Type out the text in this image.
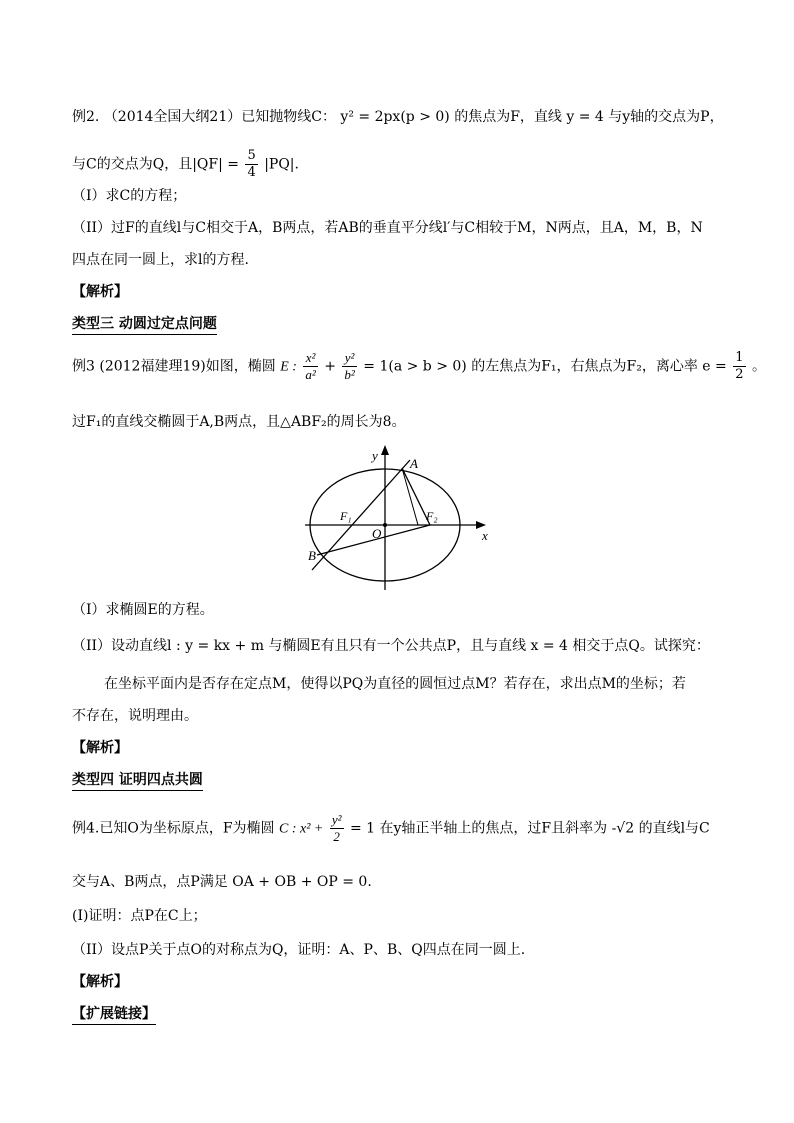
例2. （2014全国大纲21）已知抛物线C： y² = 2px(p > 0) 的焦点为F，直线 y = 4 与y轴的交点为P，
与C的交点为Q，且$|QF| = \frac{5}{4} |PQ|$.
（I）求C的方程；
（II）过F的直线l与C相交于A，B两点，若AB的垂直平分线l′与C相较于M，N两点，且A，M，B，N
四点在同一圆上，求l的方程.
【解析】
类型三 动圆过定点问题
例3 (2012福建理19)如图，椭圆 E : $\frac{\text{x²}}{\text{a²}} + \frac{\text{y²}}{\text{b²}} = 1(a > b > 0)$ 的左焦点为F₁，右焦点为F₂，离心率 $e = \frac{1}{2}$ 。
过F₁的直线交椭圆于A,B两点，且△ABF₂的周长为8。
y
x
A
B
O
F₁	F₂
（I）求椭圆E的方程。
（II）设动直线l : y = kx + m 与椭圆E有且只有一个公共点P，且与直线 x = 4 相交于点Q。试探究：
在坐标平面内是否存在定点M，使得以PQ为直径的圆恒过点M？若存在，求出点M的坐标；若
不存在，说明理由。
【解析】
类型四 证明四点共圆
例4.已知O为坐标原点，F为椭圆 C : $x^2 + \frac{\text{y²}}{2} = 1$ 在y轴正半轴上的焦点，过F且斜率为 -√2 的直线l与C
交与A、B两点，点P满足 OA + OB + OP = 0.
(I)证明：点P在C上；
（II）设点P关于点O的对称点为Q，证明：A、P、B、Q四点在同一圆上.
【解析】
【扩展链接】
